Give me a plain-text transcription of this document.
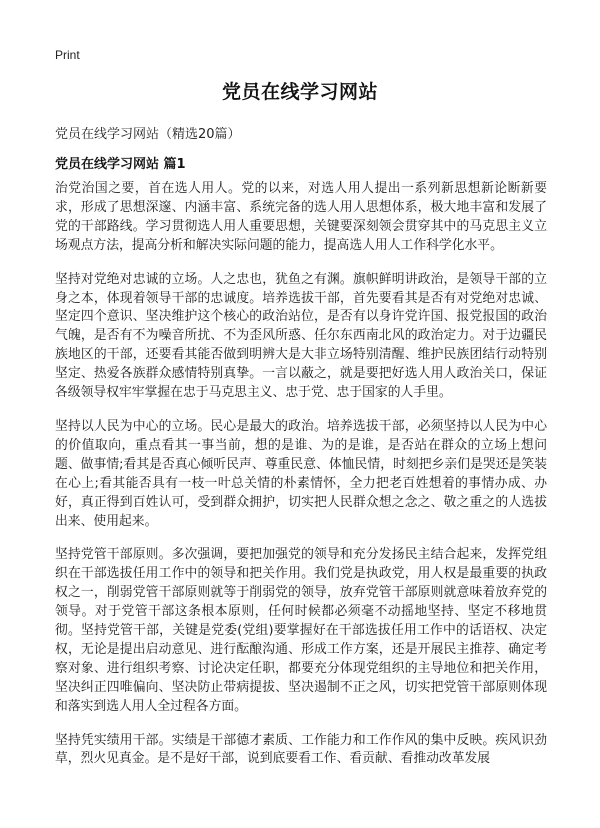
Print
党员在线学习网站
党员在线学习网站（精选20篇）
党员在线学习网站 篇1

治党治国之要，首在选人用人。党的以来，对选人用人提出一系列新思想新论断新要求，形成了思想深邃、内涵丰富、系统完备的选人用人思想体系，极大地丰富和发展了党的干部路线。学习贯彻选人用人重要思想，关键要深刻领会贯穿其中的马克思主义立场观点方法，提高分析和解决实际问题的能力，提高选人用人工作科学化水平。

坚持对党绝对忠诚的立场。人之忠也，犹鱼之有渊。旗帜鲜明讲政治，是领导干部的立身之本，体现着领导干部的忠诚度。培养选拔干部，首先要看其是否有对党绝对忠诚、坚定四个意识、坚决维护这个核心的政治站位，是否有以身许党许国、报党报国的政治气魄，是否有不为噪音所扰、不为歪风所惑、任尔东西南北风的政治定力。对于边疆民族地区的干部，还要看其能否做到明辨大是大非立场特别清醒、维护民族团结行动特别坚定、热爱各族群众感情特别真挚。一言以蔽之，就是要把好选人用人政治关口，保证各级领导权牢牢掌握在忠于马克思主义、忠于党、忠于国家的人手里。

坚持以人民为中心的立场。民心是最大的政治。培养选拔干部，必须坚持以人民为中心的价值取向，重点看其一事当前，想的是谁、为的是谁，是否站在群众的立场上想问题、做事情;看其是否真心倾听民声、尊重民意、体恤民情，时刻把乡亲们是哭还是笑装在心上;看其能否具有一枝一叶总关情的朴素情怀，全力把老百姓想着的事情办成、办好，真正得到百姓认可，受到群众拥护，切实把人民群众想之念之、敬之重之的人选拔出来、使用起来。

坚持党管干部原则。多次强调，要把加强党的领导和充分发扬民主结合起来，发挥党组织在干部选拔任用工作中的领导和把关作用。我们党是执政党，用人权是最重要的执政权之一，削弱党管干部原则就等于削弱党的领导，放弃党管干部原则就意味着放弃党的领导。对于党管干部这条根本原则，任何时候都必须毫不动摇地坚持、坚定不移地贯彻。坚持党管干部，关键是党委(党组)要掌握好在干部选拔任用工作中的话语权、决定权，无论是提出启动意见、进行酝酿沟通、形成工作方案，还是开展民主推荐、确定考察对象、进行组织考察、讨论决定任职，都要充分体现党组织的主导地位和把关作用，坚决纠正四唯偏向、坚决防止带病提拔、坚决遏制不正之风，切实把党管干部原则体现和落实到选人用人全过程各方面。

坚持凭实绩用干部。实绩是干部德才素质、工作能力和工作作风的集中反映。疾风识劲草，烈火见真金。是不是好干部，说到底要看工作、看贡献、看推动改革发展
